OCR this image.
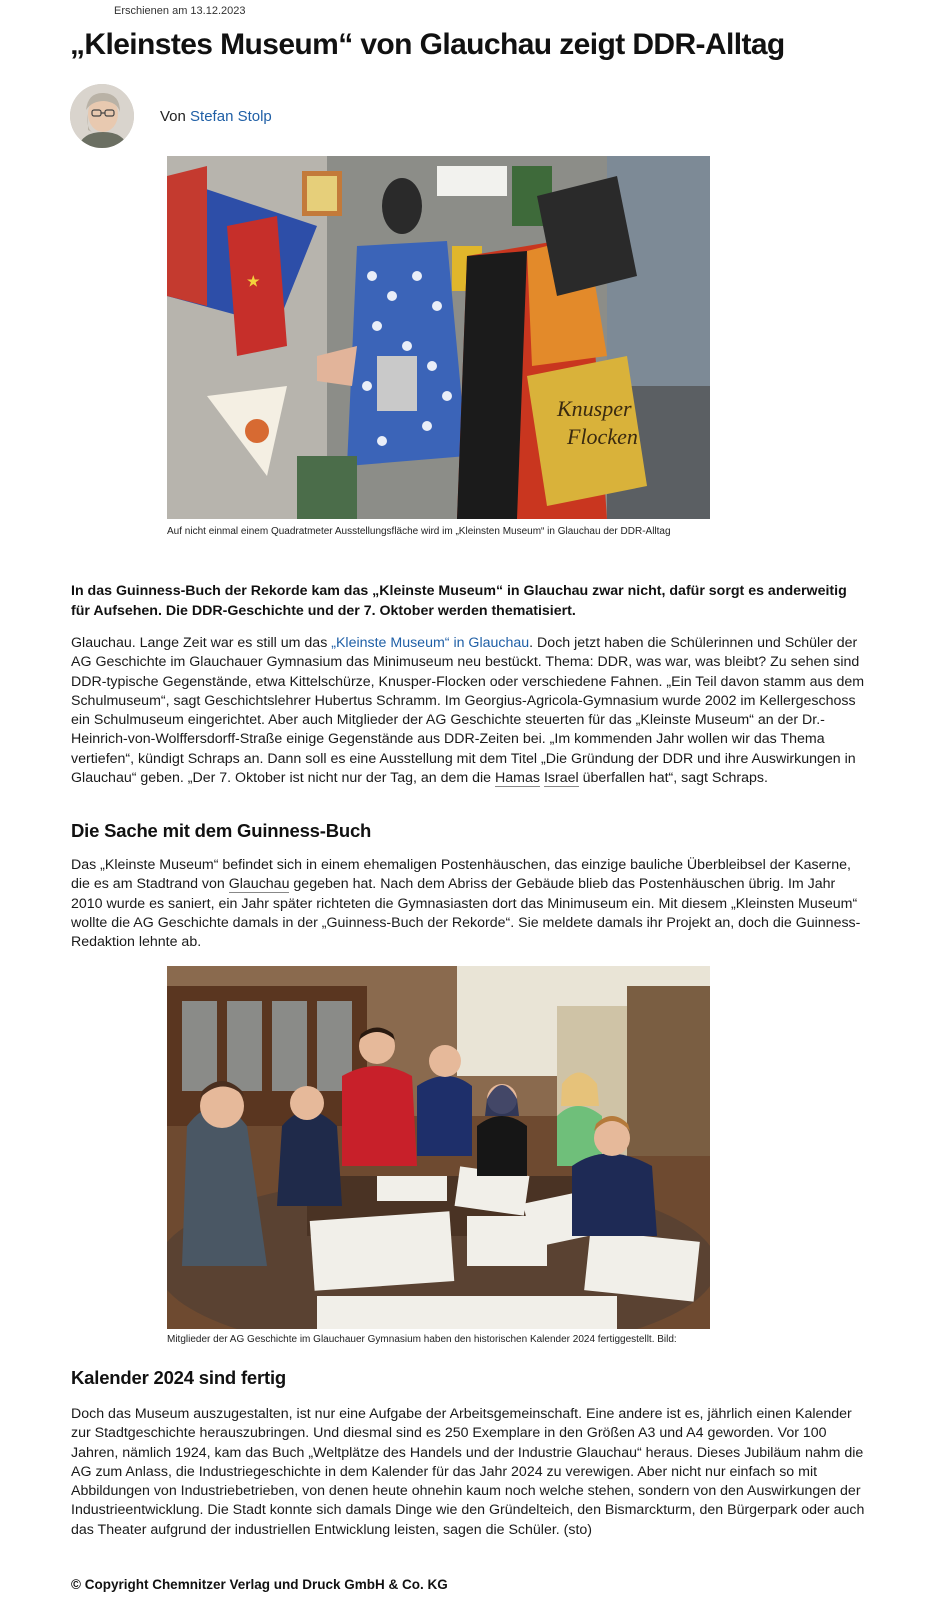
Erschienen am 13.12.2023
„Kleinstes Museum“ von Glauchau zeigt DDR-Alltag
Von Stefan Stolp
★
Knusper
Flocken
Auf nicht einmal einem Quadratmeter Ausstellungsfläche wird im „Kleinsten Museum“ in Glauchau der DDR-Alltag

In das Guinness-Buch der Rekorde kam das „Kleinste Museum“ in Glauchau zwar nicht, dafür sorgt es anderweitig für Aufsehen. Die DDR-Geschichte und der 7. Oktober werden thematisiert.

Glauchau. Lange Zeit war es still um das „Kleinste Museum“ in Glauchau. Doch jetzt haben die Schülerinnen und Schüler der AG Geschichte im Glauchauer Gymnasium das Minimuseum neu bestückt. Thema: DDR, was war, was bleibt? Zu sehen sind DDR-typische Gegenstände, etwa Kittelschürze, Knusper-Flocken oder verschiedene Fahnen. „Ein Teil davon stamm aus dem Schulmuseum“, sagt Geschichtslehrer Hubertus Schramm. Im Georgius-Agricola-Gymnasium wurde 2002 im Kellergeschoss ein Schulmuseum eingerichtet. Aber auch Mitglieder der AG Geschichte steuerten für das „Kleinste Museum“ an der Dr.-Heinrich-von-Wolffersdorff-Straße einige Gegenstände aus DDR-Zeiten bei. „Im kommenden Jahr wollen wir das Thema vertiefen“, kündigt Schraps an. Dann soll es eine Ausstellung mit dem Titel „Die Gründung der DDR und ihre Auswirkungen in Glauchau“ geben. „Der 7. Oktober ist nicht nur der Tag, an dem die Hamas Israel überfallen hat“, sagt Schraps.

Die Sache mit dem Guinness-Buch

Das „Kleinste Museum“ befindet sich in einem ehemaligen Postenhäuschen, das einzige bauliche Überbleibsel der Kaserne, die es am Stadtrand von Glauchau gegeben hat. Nach dem Abriss der Gebäude blieb das Postenhäuschen übrig. Im Jahr 2010 wurde es saniert, ein Jahr später richteten die Gymnasiasten dort das Minimuseum ein. Mit diesem „Kleinsten Museum“ wollte die AG Geschichte damals in der „Guinness-Buch der Rekorde“. Sie meldete damals ihr Projekt an, doch die Guinness-Redaktion lehnte ab.

Mitglieder der AG Geschichte im Glauchauer Gymnasium haben den historischen Kalender 2024 fertiggestellt. Bild:
Kalender 2024 sind fertig

Doch das Museum auszugestalten, ist nur eine Aufgabe der Arbeitsgemeinschaft. Eine andere ist es, jährlich einen Kalender zur Stadtgeschichte herauszubringen. Und diesmal sind es 250 Exemplare in den Größen A3 und A4 geworden. Vor 100 Jahren, nämlich 1924, kam das Buch „Weltplätze des Handels und der Industrie Glauchau“ heraus. Dieses Jubiläum nahm die AG zum Anlass, die Industriegeschichte in dem Kalender für das Jahr 2024 zu verewigen. Aber nicht nur einfach so mit Abbildungen von Industriebetrieben, von denen heute ohnehin kaum noch welche stehen, sondern von den Auswirkungen der Industrieentwicklung. Die Stadt konnte sich damals Dinge wie den Gründelteich, den Bismarckturm, den Bürgerpark oder auch das Theater aufgrund der industriellen Entwicklung leisten, sagen die Schüler. (sto)

© Copyright Chemnitzer Verlag und Druck GmbH & Co. KG
